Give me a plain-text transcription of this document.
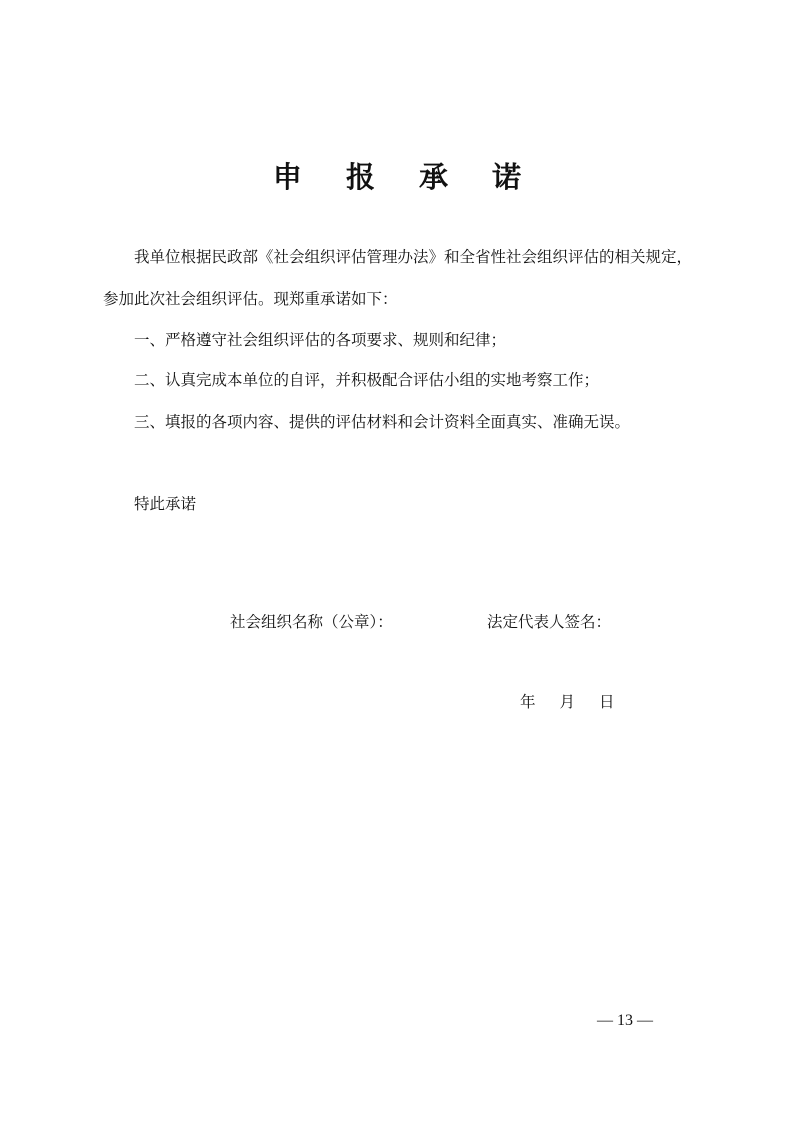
申 报 承 诺
我单位根据民政部《社会组织评估管理办法》和全省性社会组织评估的相关规定，
参加此次社会组织评估。现郑重承诺如下：
一、严格遵守社会组织评估的各项要求、规则和纪律；
二、认真完成本单位的自评，并积极配合评估小组的实地考察工作；
三、填报的各项内容、提供的评估材料和会计资料全面真实、准确无误。
特此承诺
社会组织名称（公章）：	法定代表人签名：
年 月 日
— 13 —
